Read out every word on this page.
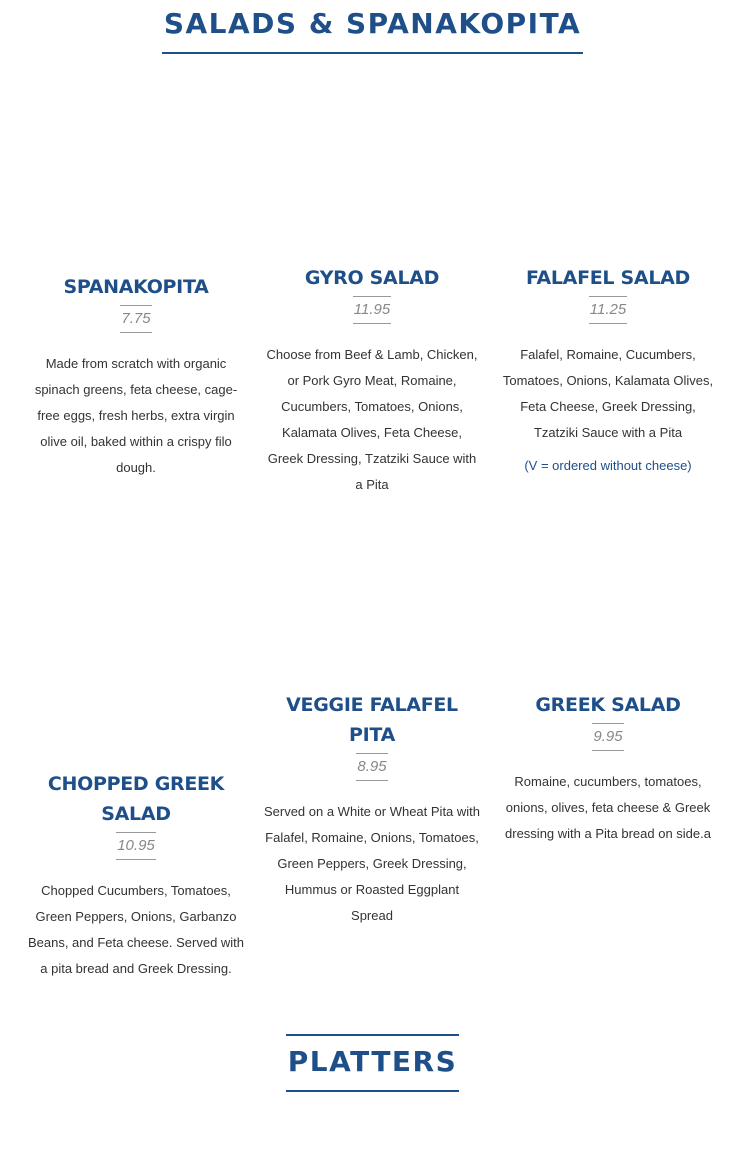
SALADS & SPANAKOPITA
SPANAKOPITA
7.75

Made from scratch with organic spinach greens, feta cheese, cage-free eggs, fresh herbs, extra virgin olive oil, baked within a crispy filo dough.

GYRO SALAD
11.95

Choose from Beef & Lamb, Chicken, or Pork Gyro Meat, Romaine, Cucumbers, Tomatoes, Onions, Kalamata Olives, Feta Cheese, Greek Dressing, Tzatziki Sauce with a Pita

FALAFEL SALAD
11.25

Falafel, Romaine, Cucumbers, Tomatoes, Onions, Kalamata Olives, Feta Cheese, Greek Dressing, Tzatziki Sauce with a Pita

(V = ordered without cheese)

CHOPPED GREEK SALAD
10.95

Chopped Cucumbers, Tomatoes, Green Peppers, Onions, Garbanzo Beans, and Feta cheese. Served with a pita bread and Greek Dressing.

VEGGIE FALAFEL PITA
8.95

Served on a White or Wheat Pita with Falafel, Romaine, Onions, Tomatoes, Green Peppers, Greek Dressing, Hummus or Roasted Eggplant Spread

GREEK SALAD
9.95

Romaine, cucumbers, tomatoes, onions, olives, feta cheese & Greek dressing with a Pita bread on side.a

PLATTERS
